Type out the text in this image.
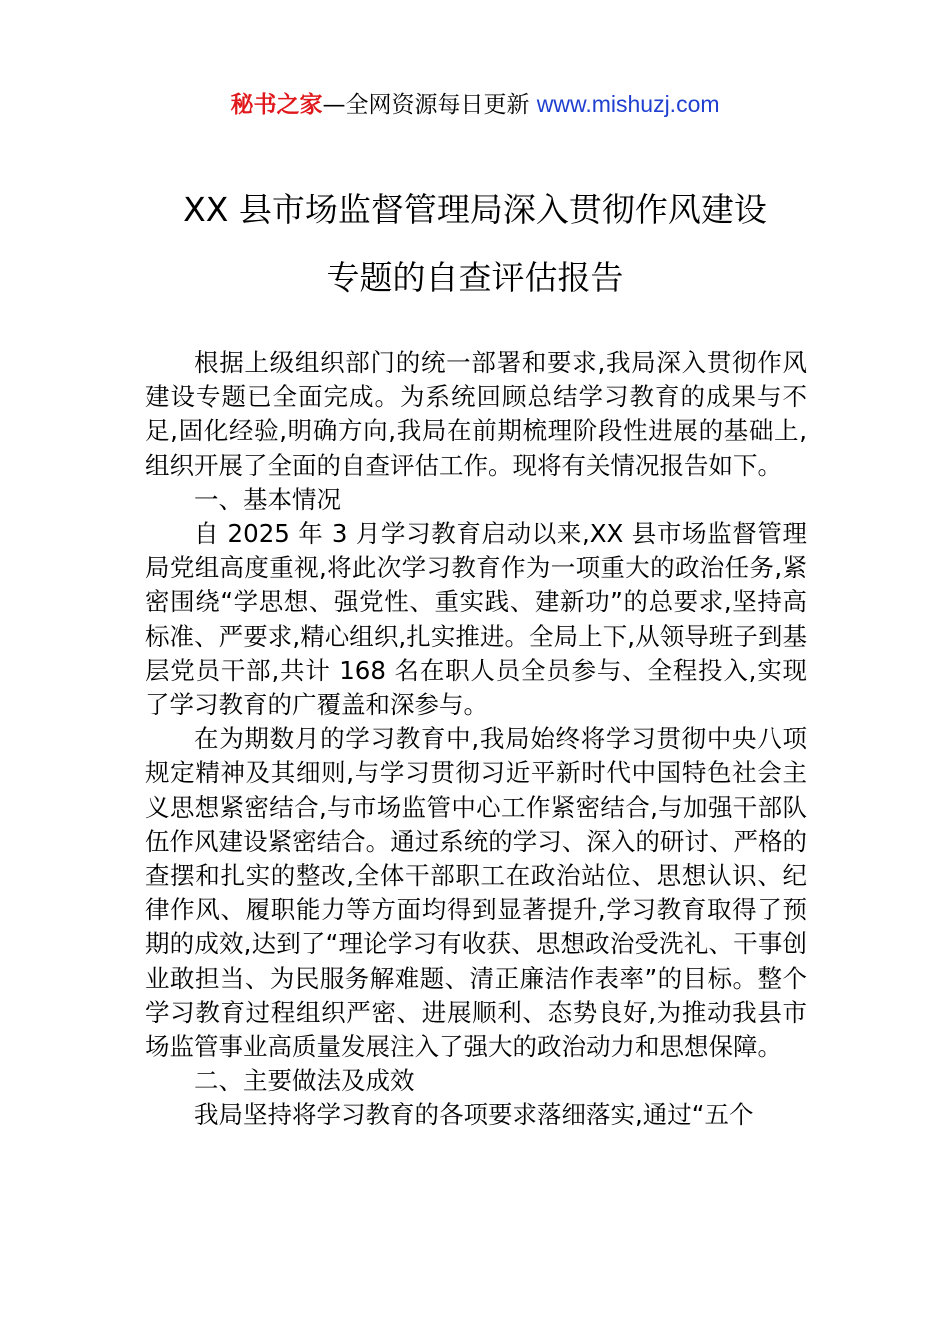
秘书之家—全网资源每日更新 www.mishuzj.com
XX 县市场监督管理局深入贯彻作风建设
专题的自查评估报告

根据上级组织部门的统一部署和要求,我局深入贯彻作风建设专题已全面完成。为系统回顾总结学习教育的成果与不足,固化经验,明确方向,我局在前期梳理阶段性进展的基础上,组织开展了全面的自查评估工作。现将有关情况报告如下。

一、基本情况

自 2025 年 3 月学习教育启动以来,XX 县市场监督管理局党组高度重视,将此次学习教育作为一项重大的政治任务,紧密围绕“学思想、强党性、重实践、建新功”的总要求,坚持高标准、严要求,精心组织,扎实推进。全局上下,从领导班子到基层党员干部,共计 168 名在职人员全员参与、全程投入,实现了学习教育的广覆盖和深参与。

在为期数月的学习教育中,我局始终将学习贯彻中央八项规定精神及其细则,与学习贯彻习近平新时代中国特色社会主义思想紧密结合,与市场监管中心工作紧密结合,与加强干部队伍作风建设紧密结合。通过系统的学习、深入的研讨、严格的查摆和扎实的整改,全体干部职工在政治站位、思想认识、纪律作风、履职能力等方面均得到显著提升,学习教育取得了预期的成效,达到了“理论学习有收获、思想政治受洗礼、干事创业敢担当、为民服务解难题、清正廉洁作表率”的目标。整个学习教育过程组织严密、进展顺利、态势良好,为推动我县市场监管事业高质量发展注入了强大的政治动力和思想保障。

二、主要做法及成效

我局坚持将学习教育的各项要求落细落实,通过“五个
